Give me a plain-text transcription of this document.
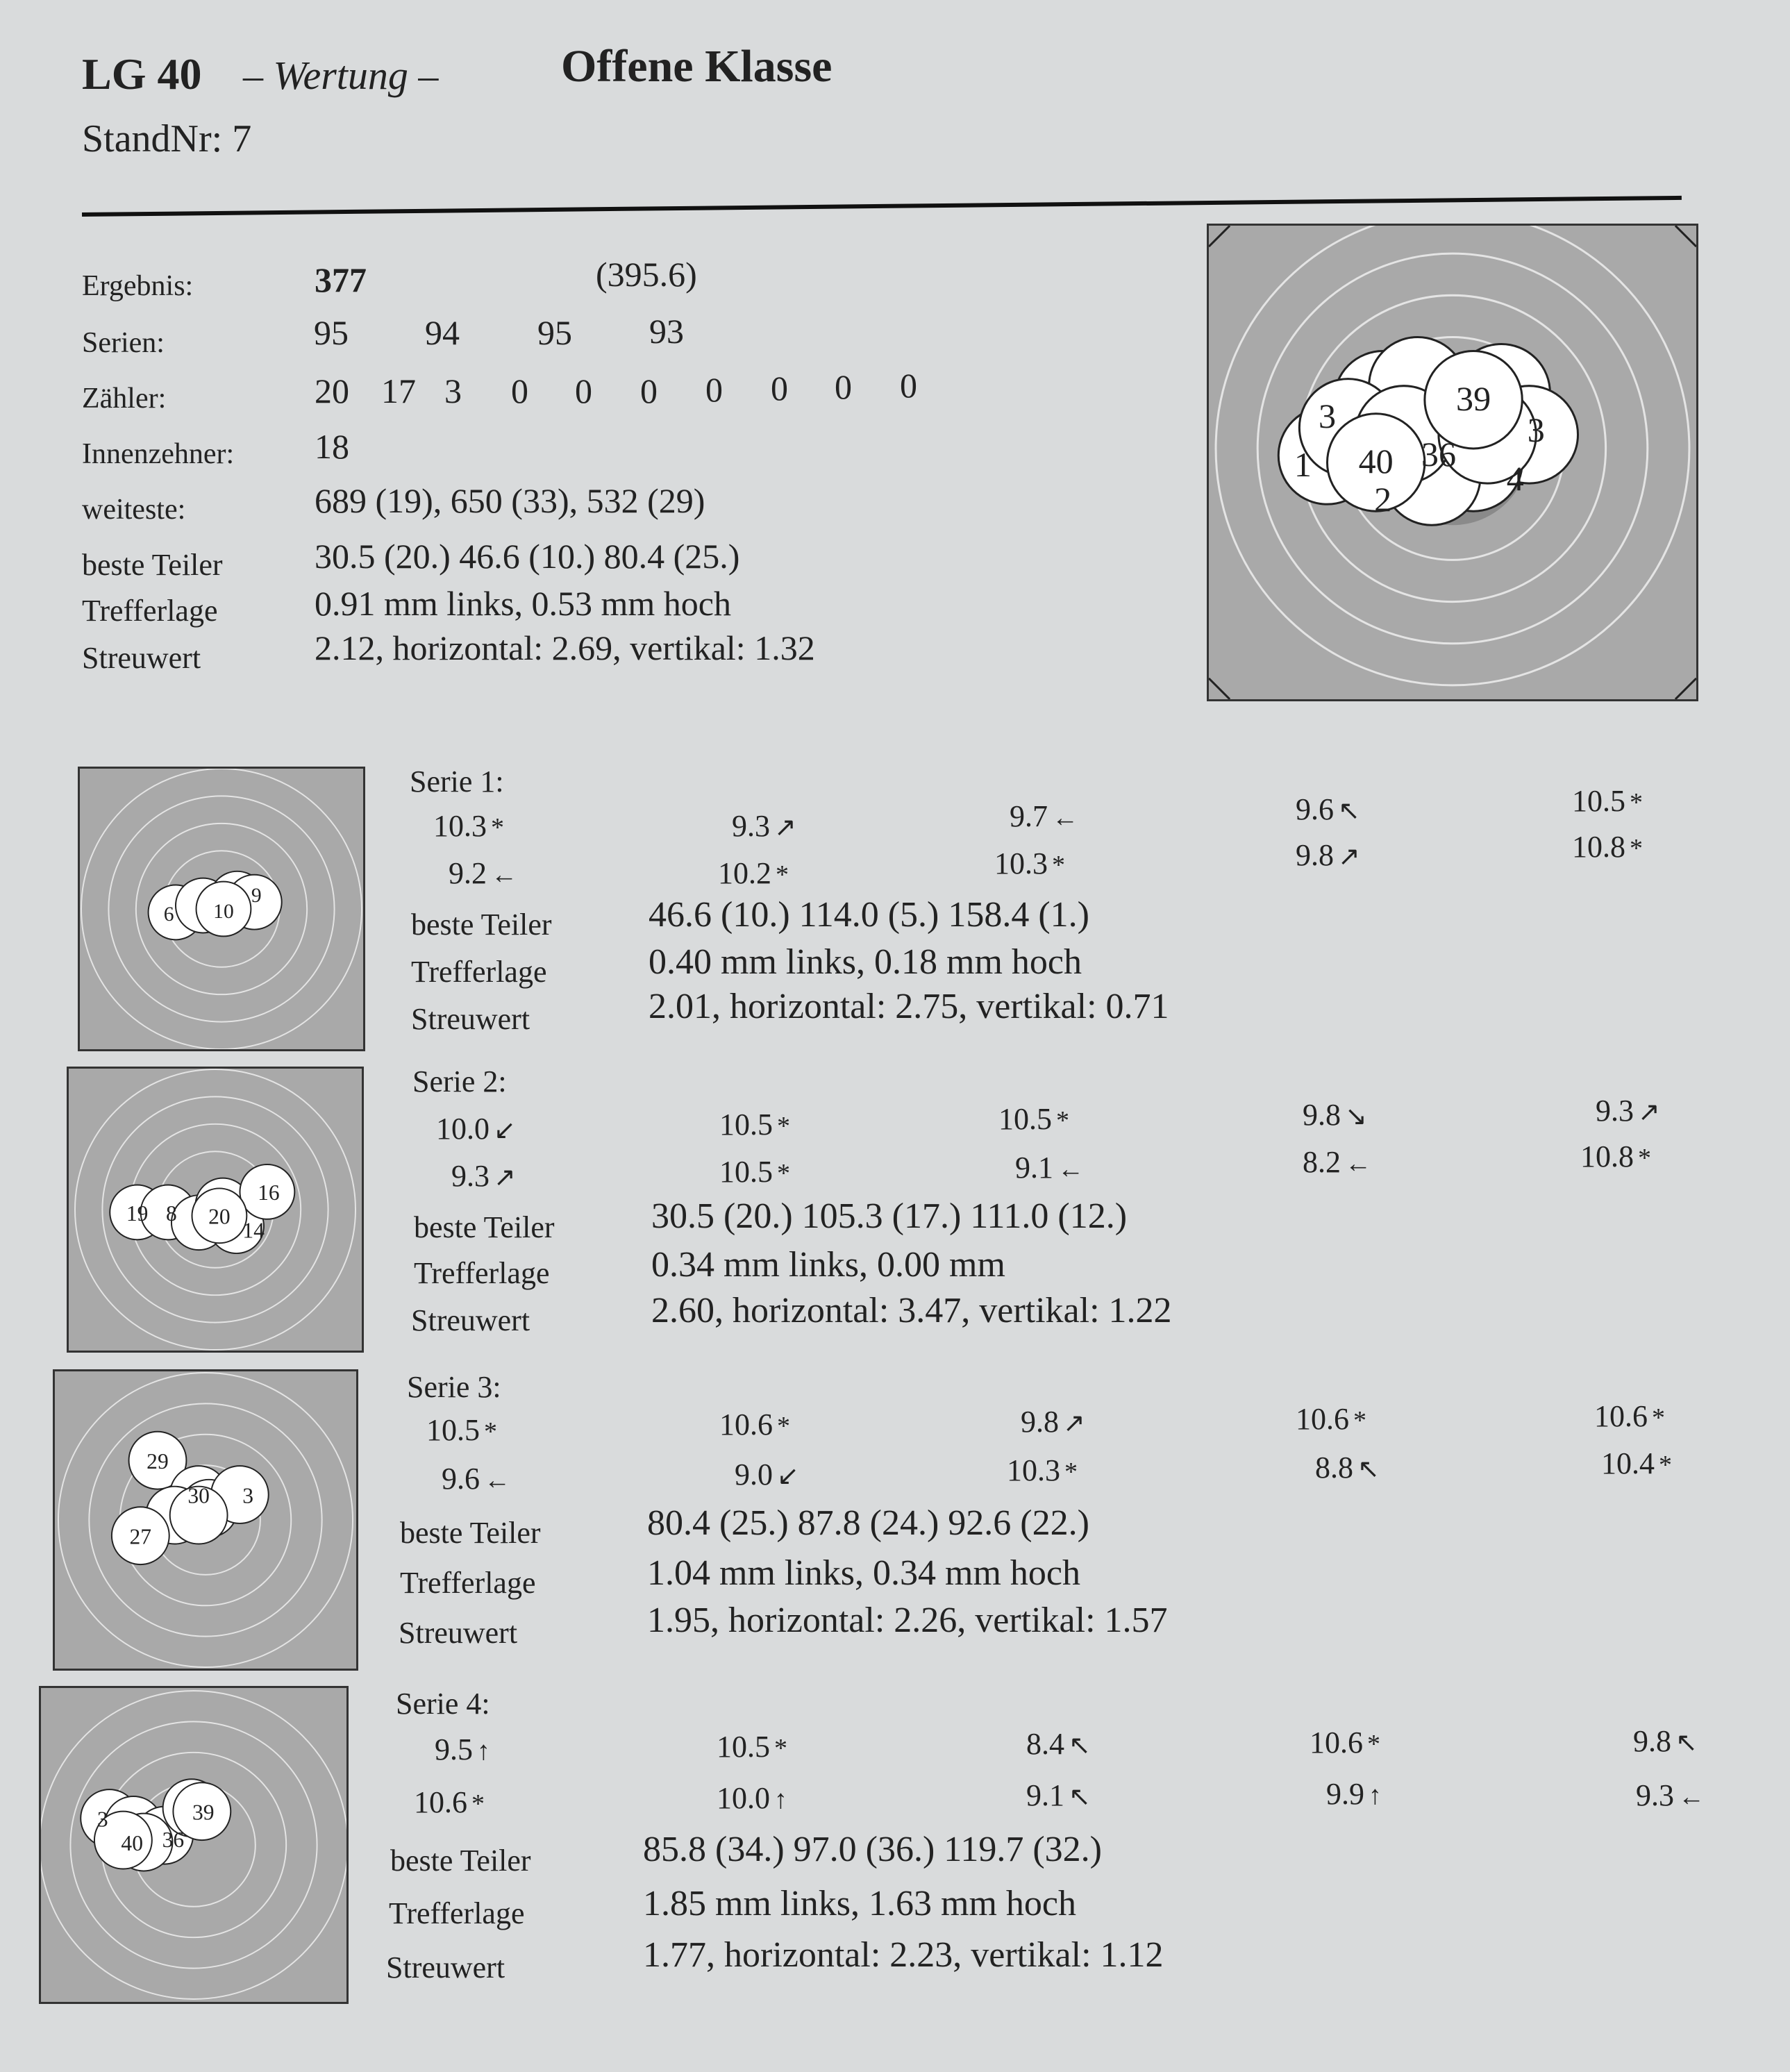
LG 40 – Wertung –	Offene Klasse
StandNr: 7
Ergebnis:	377	(395.6)
Serien:	95 94 95 93
Zähler:	20 17 3 0 0 0 0 0 0 0
Innenzehner: 18
weiteste:	689 (19), 650 (33), 532 (29)
beste Teiler	30.5 (20.) 46.6 (10.) 80.4 (25.)
Trefferlage	0.91 mm links, 0.53 mm hoch
Streuwert	2.12, horizontal: 2.69, vertikal: 1.32
39
40
3	3
1
2
4
36
6 10
9
Serie 1:
10.3 *	9.3 ↗	9.7 ←	9.6 ↖	10.5 *
9.2 ←	10.2 *	10.3 *	9.8 ↗	10.8 *
beste Teiler	46.6 (10.) 114.0 (5.) 158.4 (1.)
Trefferlage	0.40 mm links, 0.18 mm hoch
Streuwert	2.01, horizontal: 2.75, vertikal: 0.71
19 8 20
16
14
Serie 2:
10.0 ↙	10.5 *	10.5 *	9.8 ↘	9.3 ↗
9.3 ↗	10.5 *	9.1 ←	8.2 ←	10.8 *
beste Teiler	30.5 (20.) 105.3 (17.) 111.0 (12.)
Trefferlage	0.34 mm links, 0.00 mm
Streuwert	2.60, horizontal: 3.47, vertikal: 1.22
29
30 3
27
Serie 3:
10.5 *	10.6 *	9.8 ↗	10.6 *	10.6 *
9.6 ←	9.0 ↙	10.3 *	8.8 ↖	10.4 *
beste Teiler	80.4 (25.) 87.8 (24.) 92.6 (22.)
Trefferlage	1.04 mm links, 0.34 mm hoch
Streuwert	1.95, horizontal: 2.26, vertikal: 1.57
39
40 36
3
Serie 4:
9.5 ↑	10.5 *	8.4 ↖	10.6 *	9.8 ↖
10.6 *	10.0 ↑	9.1 ↖	9.9 ↑	9.3 ←
beste Teiler	85.8 (34.) 97.0 (36.) 119.7 (32.)
Trefferlage	1.85 mm links, 1.63 mm hoch
Streuwert	1.77, horizontal: 2.23, vertikal: 1.12
